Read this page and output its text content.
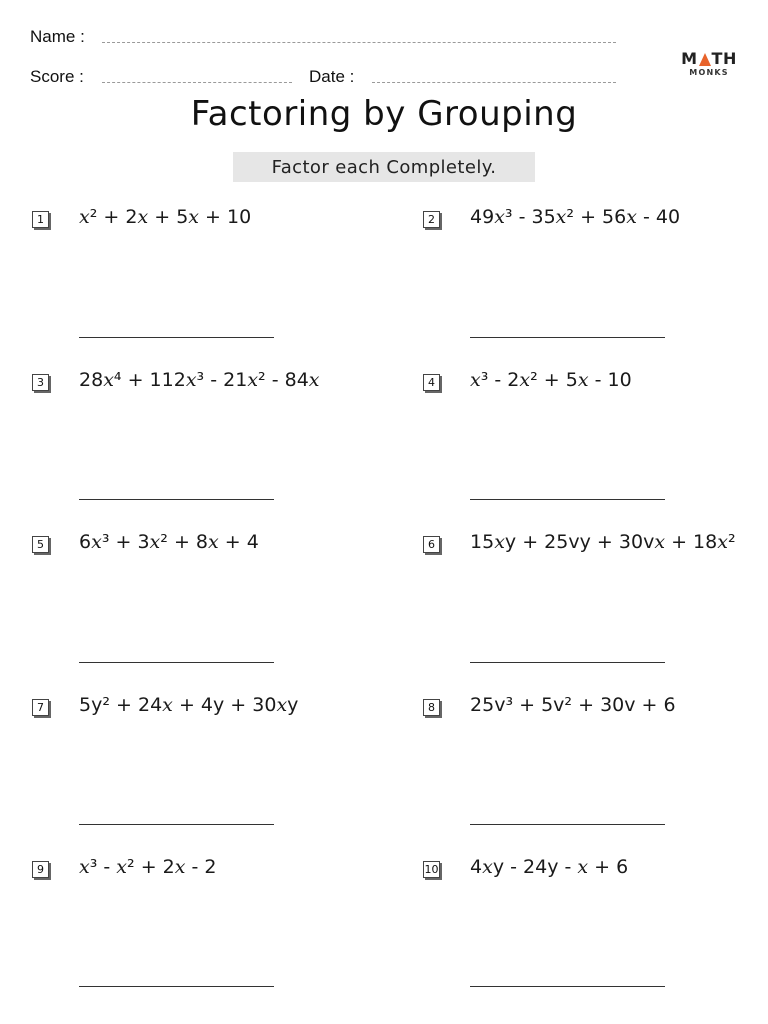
Name :
Score :	Date :
M TH
MONKS
Factoring by Grouping
Factor each Completely.
1 x² + 2x + 5x + 10	2 49x³ - 35x² + 56x - 40
3 28x⁴ + 112x³ - 21x² - 84x	4 x³ - 2x² + 5x - 10
5 6x³ + 3x² + 8x + 4	6 15xy + 25vy + 30vx + 18x²
7 5y² + 24x + 4y + 30xy	8 25v³ + 5v² + 30v + 6
9 x³ - x² + 2x - 2	10 4xy - 24y - x + 6
